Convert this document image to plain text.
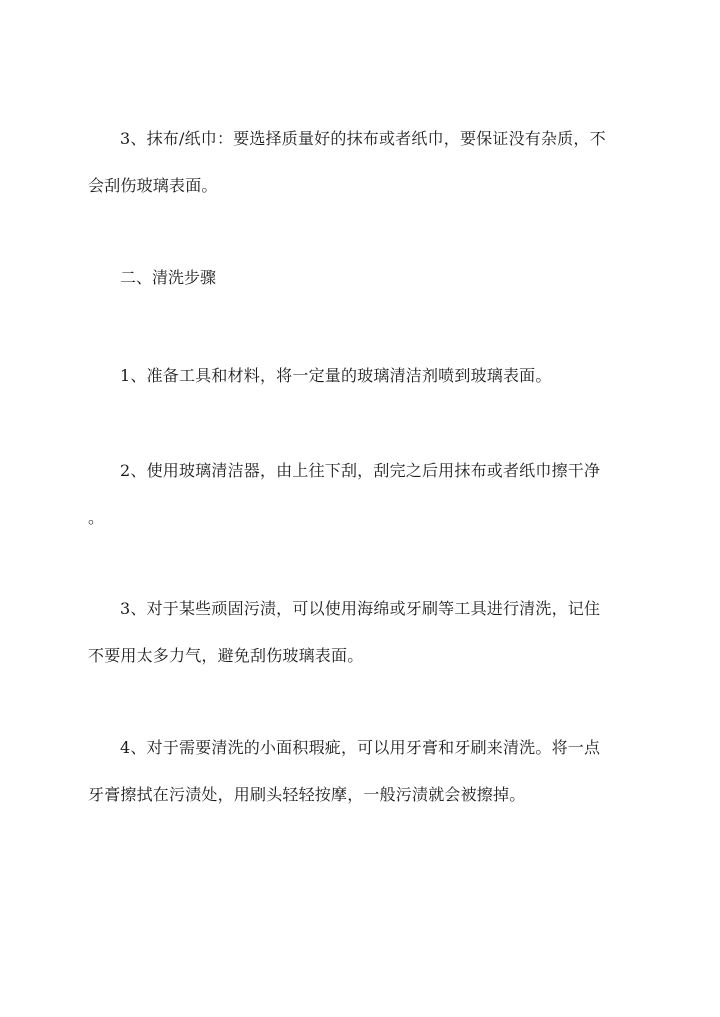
3、抹布/纸巾：要选择质量好的抹布或者纸巾，要保证没有杂质，不
会刮伤玻璃表面。
二、清洗步骤
1、准备工具和材料，将一定量的玻璃清洁剂喷到玻璃表面。
2、使用玻璃清洁器，由上往下刮，刮完之后用抹布或者纸巾擦干净
。
3、对于某些顽固污渍，可以使用海绵或牙刷等工具进行清洗，记住
不要用太多力气，避免刮伤玻璃表面。
4、对于需要清洗的小面积瑕疵，可以用牙膏和牙刷来清洗。将一点
牙膏擦拭在污渍处，用刷头轻轻按摩，一般污渍就会被擦掉。
